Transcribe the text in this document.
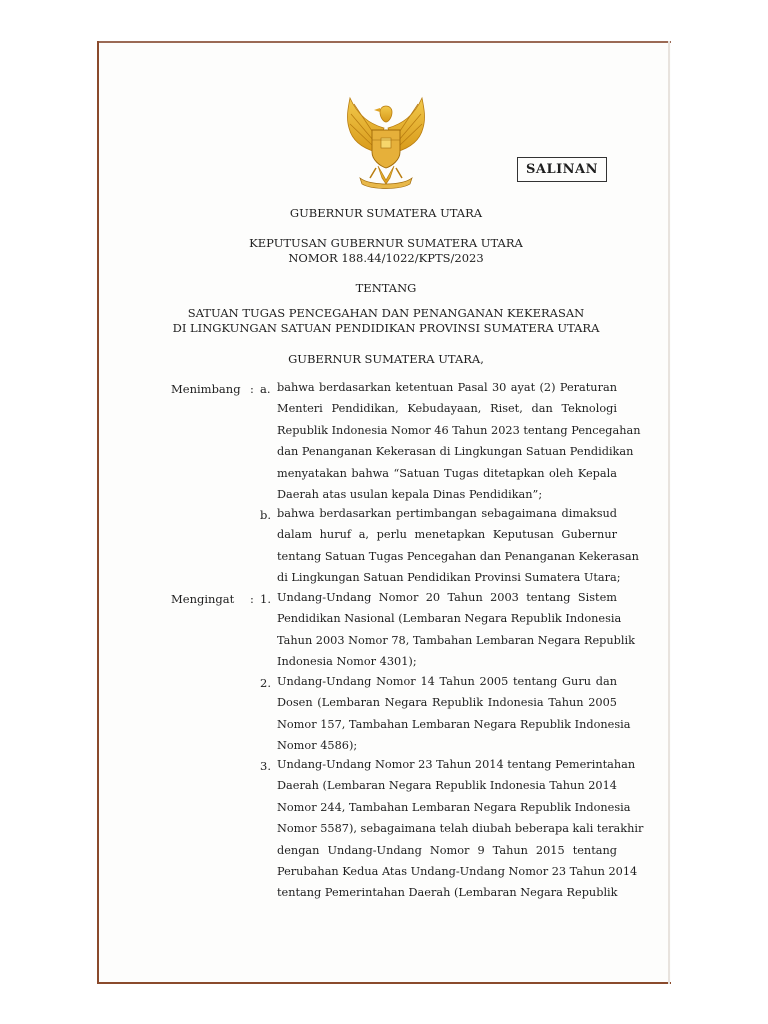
SALINAN
GUBERNUR SUMATERA UTARA
KEPUTUSAN GUBERNUR SUMATERA UTARA
NOMOR 188.44/1022/KPTS/2023
TENTANG
SATUAN TUGAS PENCEGAHAN DAN PENANGANAN KEKERASAN
DI LINGKUNGAN SATUAN PENDIDIKAN PROVINSI SUMATERA UTARA
GUBERNUR SUMATERA UTARA,
Menimbang : a. bahwa berdasarkan ketentuan Pasal 30 ayat (2) Peraturan
Menteri Pendidikan, Kebudayaan, Riset, dan Teknologi
Republik Indonesia Nomor 46 Tahun 2023 tentang Pencegahan
dan Penanganan Kekerasan di Lingkungan Satuan Pendidikan
menyatakan bahwa “Satuan Tugas ditetapkan oleh Kepala
Daerah atas usulan kepala Dinas Pendidikan”;
b. bahwa berdasarkan pertimbangan sebagaimana dimaksud
dalam huruf a, perlu menetapkan Keputusan Gubernur
tentang Satuan Tugas Pencegahan dan Penanganan Kekerasan
di Lingkungan Satuan Pendidikan Provinsi Sumatera Utara;
Mengingat : 1. Undang-Undang Nomor 20 Tahun 2003 tentang Sistem
Pendidikan Nasional (Lembaran Negara Republik Indonesia
Tahun 2003 Nomor 78, Tambahan Lembaran Negara Republik
Indonesia Nomor 4301);
2. Undang-Undang Nomor 14 Tahun 2005 tentang Guru dan
Dosen (Lembaran Negara Republik Indonesia Tahun 2005
Nomor 157, Tambahan Lembaran Negara Republik Indonesia
Nomor 4586);
3. Undang-Undang Nomor 23 Tahun 2014 tentang Pemerintahan
Daerah (Lembaran Negara Republik Indonesia Tahun 2014
Nomor 244, Tambahan Lembaran Negara Republik Indonesia
Nomor 5587), sebagaimana telah diubah beberapa kali terakhir
dengan Undang-Undang Nomor 9 Tahun 2015 tentang
Perubahan Kedua Atas Undang-Undang Nomor 23 Tahun 2014
tentang Pemerintahan Daerah (Lembaran Negara Republik
